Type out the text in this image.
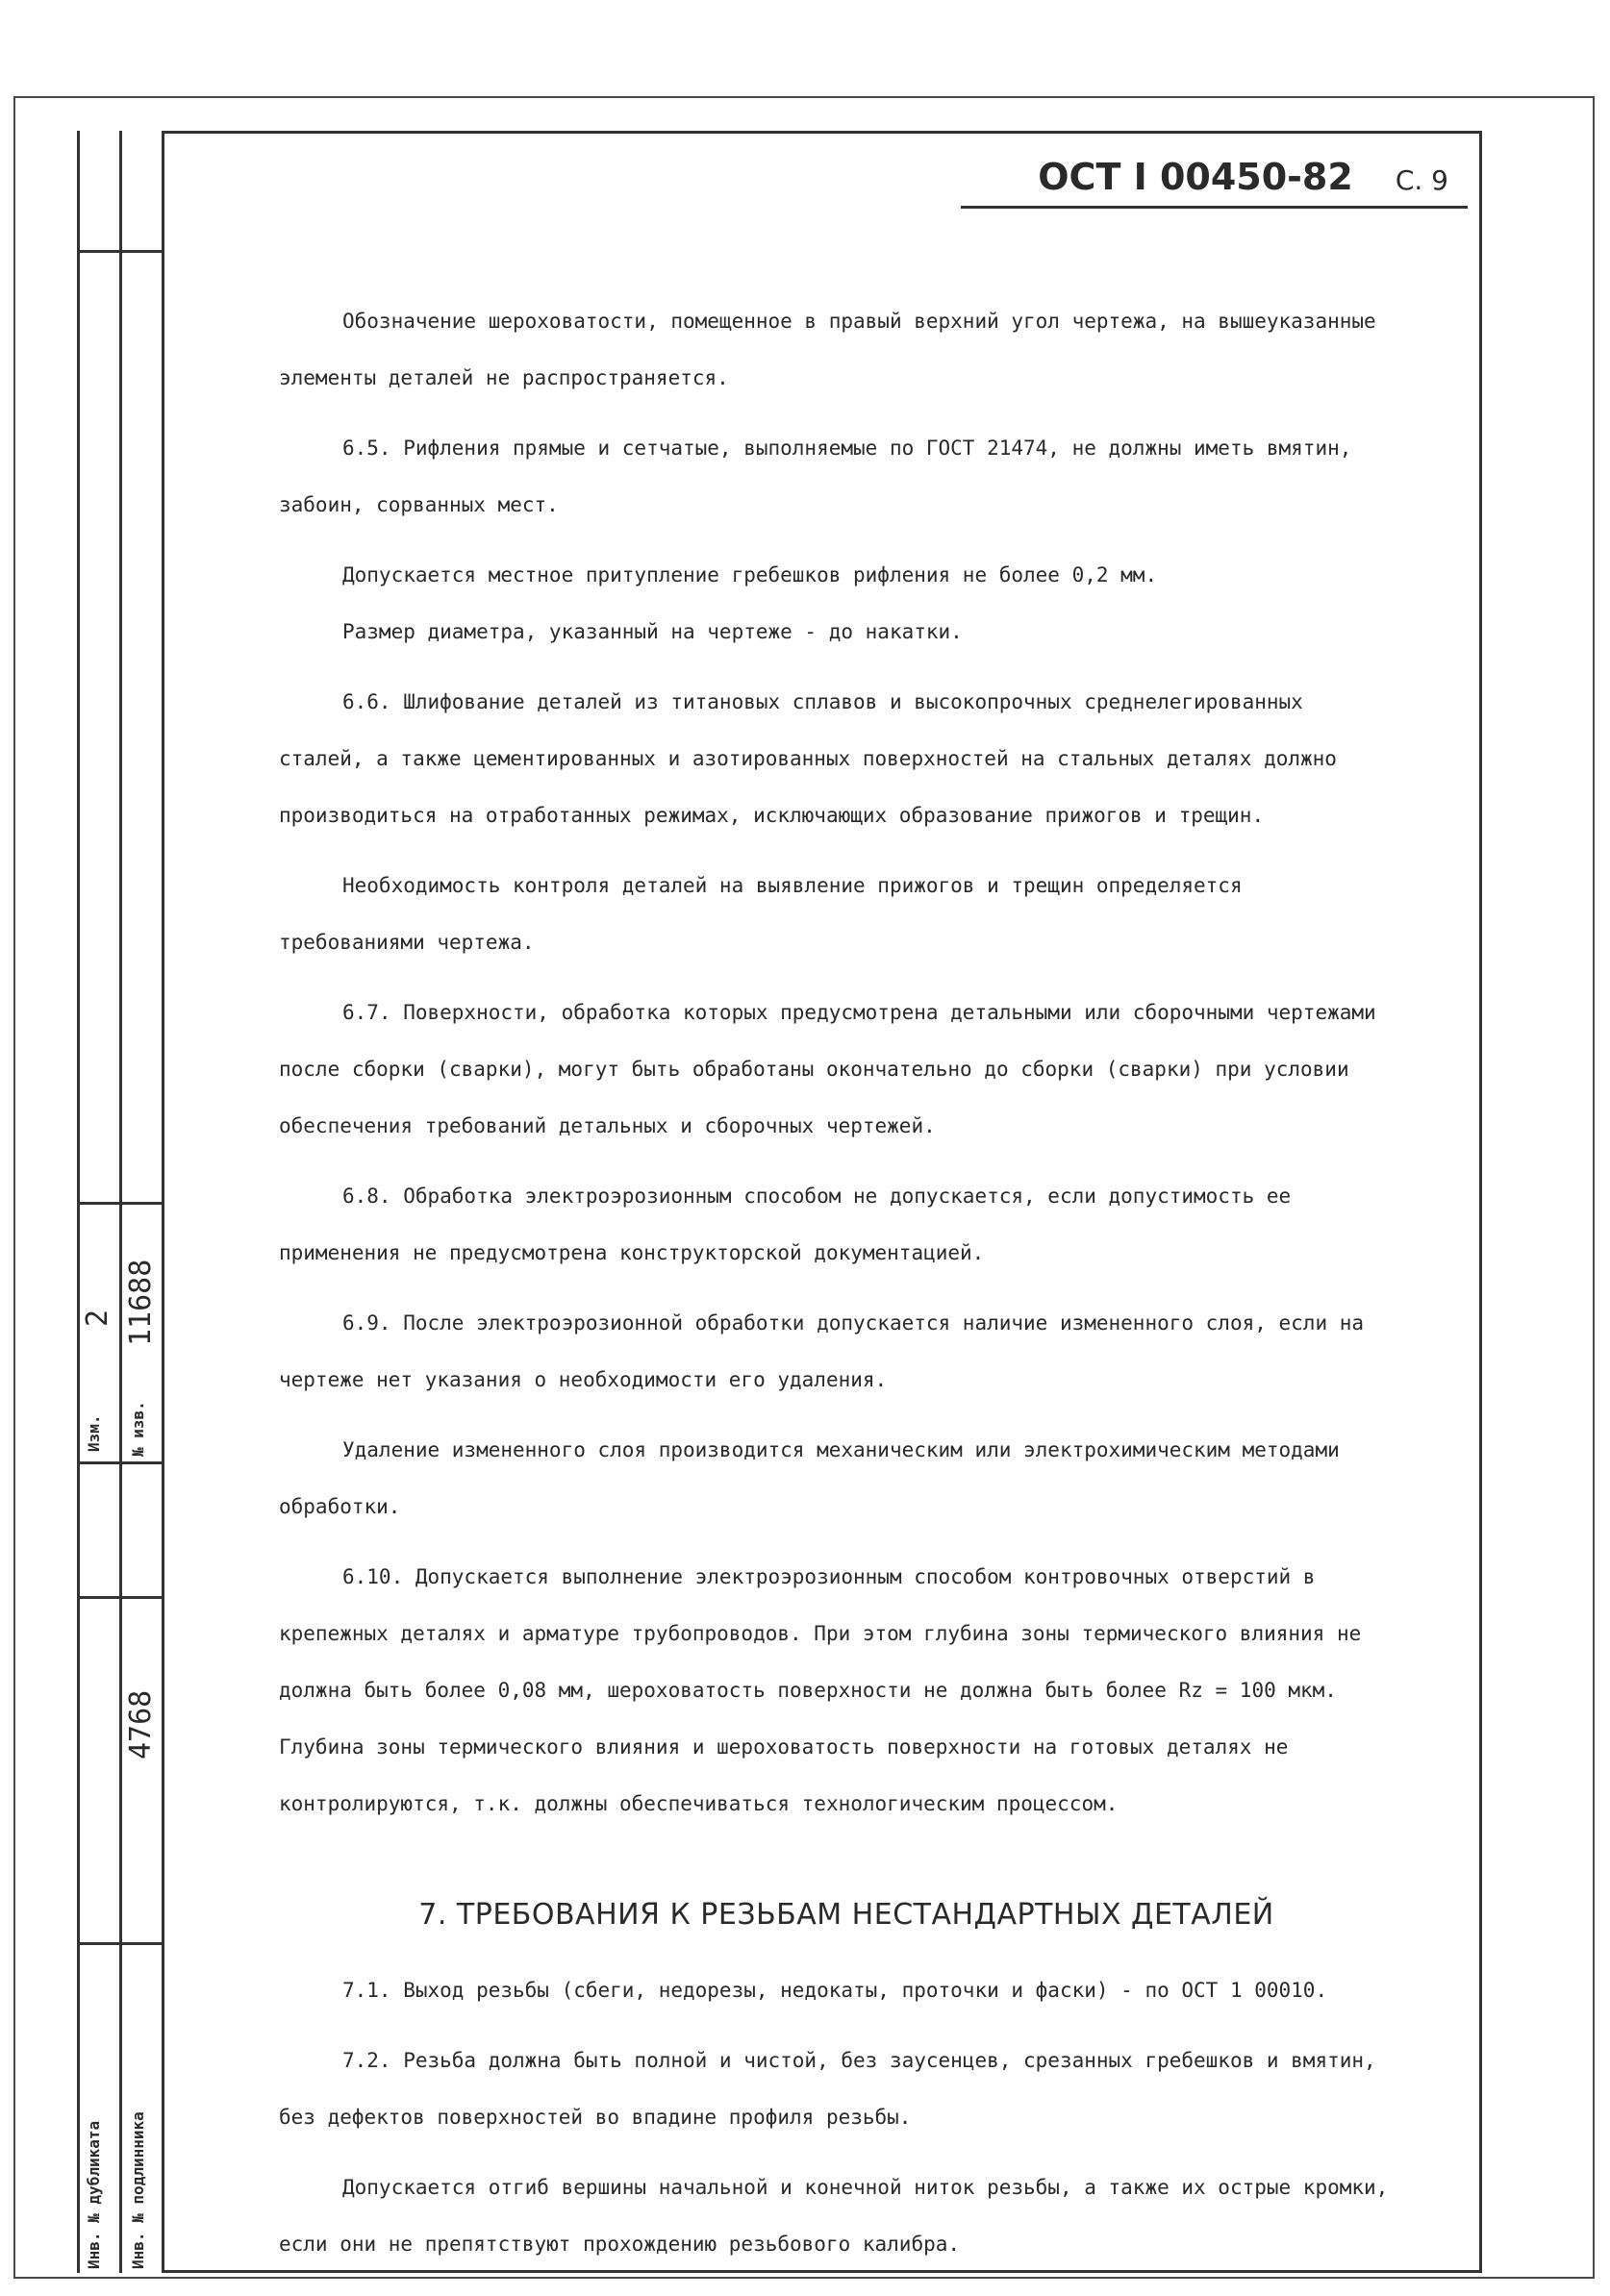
Изм.
2
№ изв.
11688
Инв. № дубликата Инв. № подлинника
4768
ОСТ I 00450-82 С. 9

Обозначение шероховатости, помещенное в правый верхний угол чертежа, на вышеуказанные элементы деталей не распространяется.

6.5. Рифления прямые и сетчатые, выполняемые по ГОСТ 21474, не должны иметь вмятин, забоин, сорванных мест.

Допускается местное притупление гребешков рифления не более 0,2 мм.

Размер диаметра, указанный на чертеже - до накатки.

6.6. Шлифование деталей из титановых сплавов и высокопрочных среднелегированных сталей, а также цементированных и азотированных поверхностей на стальных деталях должно производиться на отработанных режимах, исключающих образование прижогов и трещин.

Необходимость контроля деталей на выявление прижогов и трещин определяется требованиями чертежа.

6.7. Поверхности, обработка которых предусмотрена детальными или сборочными чертежами после сборки (сварки), могут быть обработаны окончательно до сборки (сварки) при условии обеспечения требований детальных и сборочных чертежей.

6.8. Обработка электроэрозионным способом не допускается, если допустимость ее применения не предусмотрена конструкторской документацией.

6.9. После электроэрозионной обработки допускается наличие измененного слоя, если на чертеже нет указания о необходимости его удаления.

Удаление измененного слоя производится механическим или электрохимическим методами обработки.

6.10. Допускается выполнение электроэрозионным способом контровочных отверстий в крепежных деталях и арматуре трубопроводов. При этом глубина зоны термического влияния не должна быть более 0,08 мм, шероховатость поверхности не должна быть более Rz = 100 мкм. Глубина зоны термического влияния и шероховатость поверхности на готовых деталях не контролируются, т.к. должны обеспечиваться технологическим процессом.

7. ТРЕБОВАНИЯ К РЕЗЬБАМ НЕСТАНДАРТНЫХ ДЕТАЛЕЙ

7.1. Выход резьбы (сбеги, недорезы, недокаты, проточки и фаски) - по ОСТ 1 00010.

7.2. Резьба должна быть полной и чистой, без заусенцев, срезанных гребешков и вмятин, без дефектов поверхностей во впадине профиля резьбы.

Допускается отгиб вершины начальной и конечной ниток резьбы, а также их острые кромки, если они не препятствуют прохождению резьбового калибра.
